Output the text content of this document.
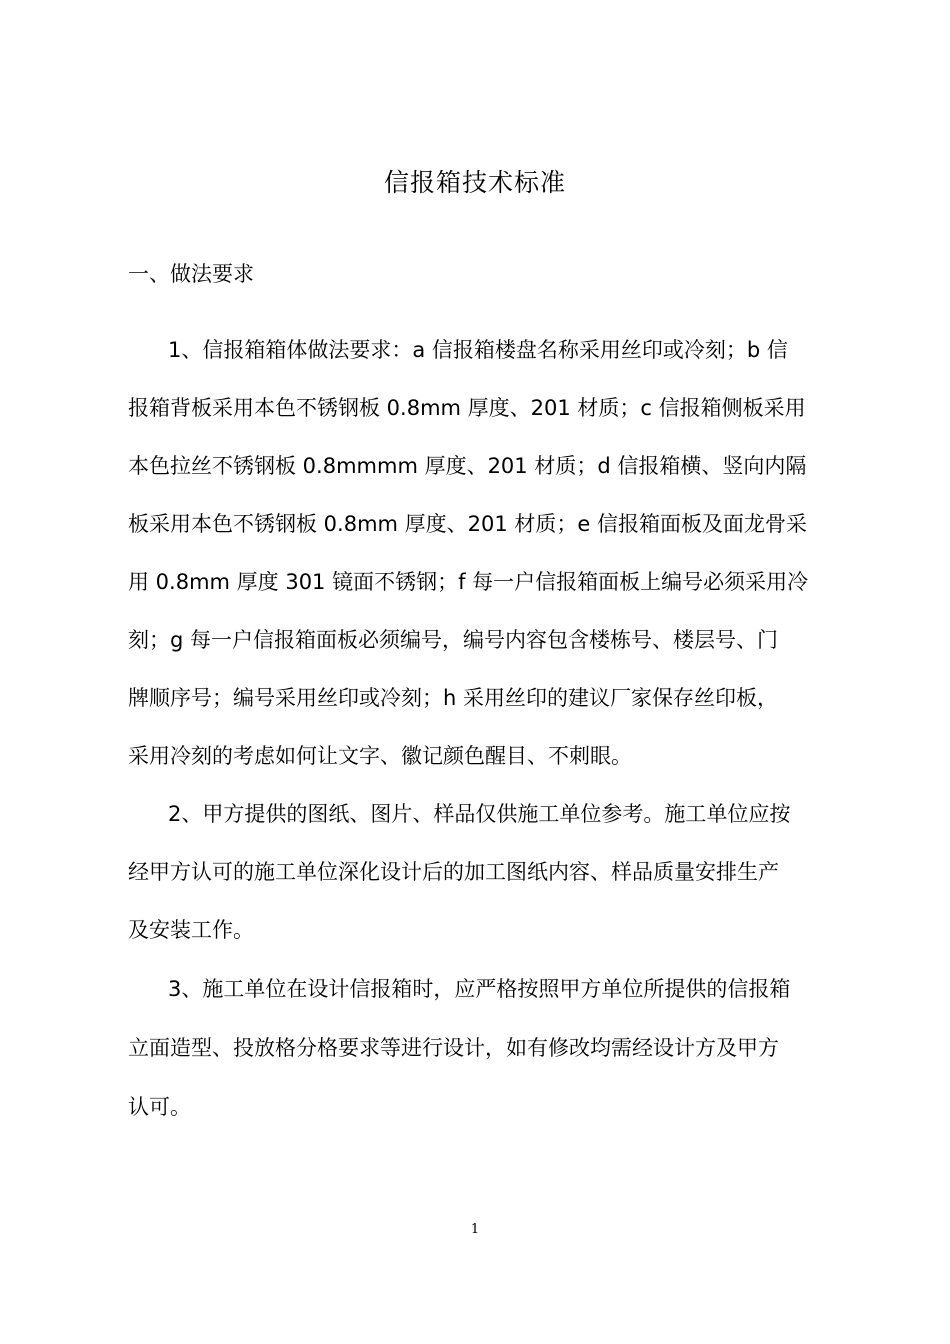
信报箱技术标准
一、做法要求
1、信报箱箱体做法要求：a 信报箱楼盘名称采用丝印或冷刻；b 信
报箱背板采用本色不锈钢板 0.8mm 厚度、201 材质；c 信报箱侧板采用
本色拉丝不锈钢板 0.8mmmm 厚度、201 材质；d 信报箱横、竖向内隔
板采用本色不锈钢板 0.8mm 厚度、201 材质；e 信报箱面板及面龙骨采
用 0.8mm 厚度 301 镜面不锈钢；f 每一户信报箱面板上编号必须采用冷
刻；g 每一户信报箱面板必须编号，编号内容包含楼栋号、楼层号、门
牌顺序号；编号采用丝印或冷刻；h 采用丝印的建议厂家保存丝印板，
采用冷刻的考虑如何让文字、徽记颜色醒目、不刺眼。
2、甲方提供的图纸、图片、样品仅供施工单位参考。施工单位应按
经甲方认可的施工单位深化设计后的加工图纸内容、样品质量安排生产
及安装工作。
3、施工单位在设计信报箱时，应严格按照甲方单位所提供的信报箱
立面造型、投放格分格要求等进行设计，如有修改均需经设计方及甲方
认可。
1
